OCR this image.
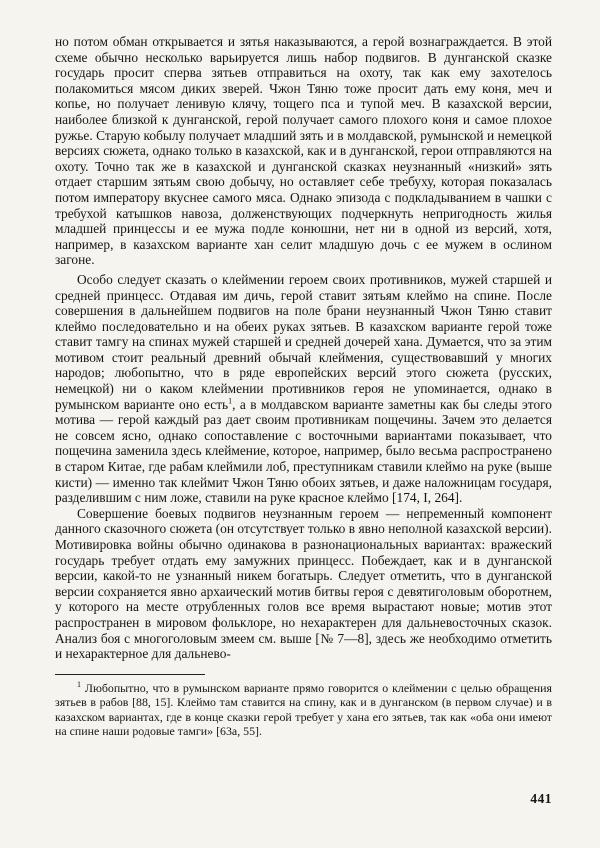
но потом обман открывается и зятья наказываются, а герой вознаграждается. В этой схеме обычно несколько варьируется лишь набор подвигов. В дунганской сказке государь просит сперва зятьев отправиться на охоту, так как ему захотелось полакомиться мясом диких зверей. Чжон Тяню тоже просит дать ему коня, меч и копье, но получает ленивую клячу, тощего пса и тупой меч. В казахской версии, наиболее близкой к дунганской, герой получает самого плохого коня и самое плохое ружье. Старую кобылу получает младший зять и в молдавской, румынской и немецкой версиях сюжета, однако только в казахской, как и в дунганской, герои отправляются на охоту. Точно так же в казахской и дунганской сказках неузнанный «низкий» зять отдает старшим зятьям свою добычу, но оставляет себе требуху, которая показалась потом императору вкуснее самого мяса. Однако эпизода с подкладыванием в чашки с требухой катышков навоза, долженствующих подчеркнуть непригодность жилья младшей принцессы и ее мужа подле конюшни, нет ни в одной из версий, хотя, например, в казахском варианте хан селит младшую дочь с ее мужем в ослином загоне.

Особо следует сказать о клеймении героем своих противников, мужей старшей и средней принцесс. Отдавая им дичь, герой ставит зятьям клеймо на спине. После совершения в дальнейшем подвигов на поле брани неузнанный Чжон Тяню ставит клеймо последовательно и на обеих руках зятьев. В казахском варианте герой тоже ставит тамгу на спинах мужей старшей и средней дочерей хана. Думается, что за этим мотивом стоит реальный древний обычай клеймения, существовавший у многих народов; любопытно, что в ряде европейских версий этого сюжета (русских, немецкой) ни о каком клеймении противников героя не упоминается, однако в румынском варианте оно есть$^1$, а в молдавском варианте заметны как бы следы этого мотива — герой каждый раз дает своим противникам пощечины. Зачем это делается не совсем ясно, однако сопоставление с восточными вариантами показывает, что пощечина заменила здесь клеймение, которое, например, было весьма распространено в старом Китае, где рабам клеймили лоб, преступникам ставили клеймо на руке (выше кисти) — именно так клеймит Чжон Тяню обоих зятьев, и даже наложницам государя, разделившим с ним ложе, ставили на руке красное клеймо [174, I, 264].

Совершение боевых подвигов неузнанным героем — непременный компонент данного сказочного сюжета (он отсутствует только в явно неполной казахской версии). Мотивировка войны обычно одинакова в разнонациональных вариантах: вражеский государь требует отдать ему замужних принцесс. Побеждает, как и в дунганской версии, какой-то не узнанный никем богатырь. Следует отметить, что в дунганской версии сохраняется явно архаический мотив битвы героя с девятиголовым оборотнем, у которого на месте отрубленных голов все время вырастают новые; мотив этот распространен в мировом фольклоре, но нехарактерен для дальневосточных сказок. Анализ боя с многоголовым змеем см. выше [№ 7—8], здесь же необходимо отметить и нехарактерное для дальнево-

$^1$ Любопытно, что в румынском варианте прямо говорится о клеймении с целью обращения зятьев в рабов [88, 15]. Клеймо там ставится на спину, как и в дунганском (в первом случае) и в казахском вариантах, где в конце сказки герой требует у хана его зятьев, так как «оба они имеют на спине наши родовые тамги» [63а, 55].

441
